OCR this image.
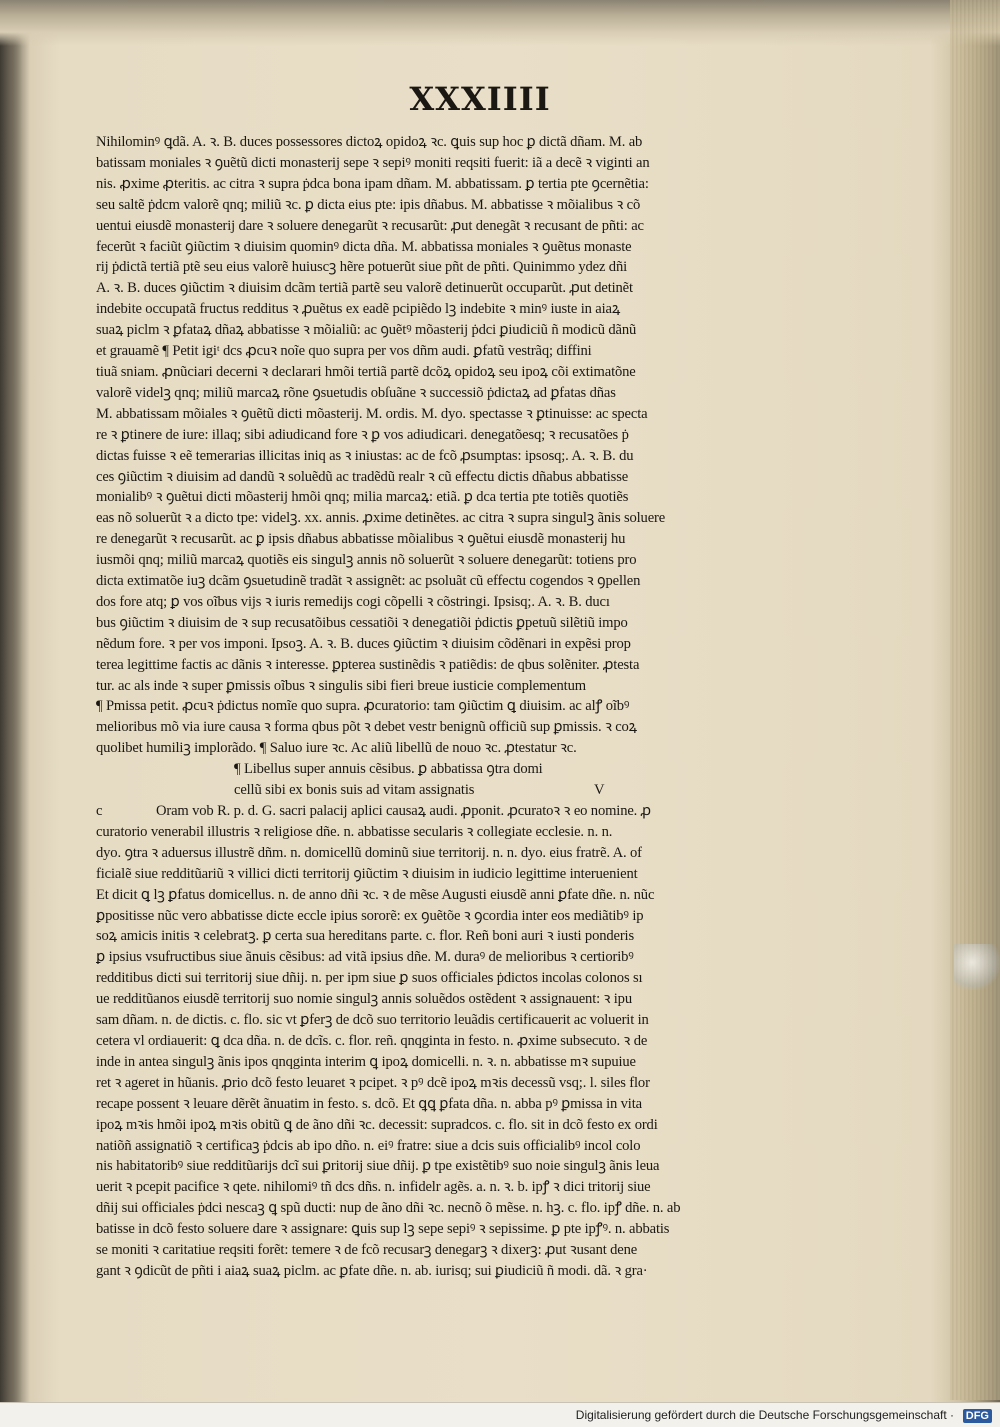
XXXIIII
Nihilominꝰ ꝗdã. A. ꝛ. B. duces possessores dictoꝝ opidoꝝ ꝛc. ꝗuis sup hoc ꝑ dictã dñam. M. ab
batissam moniales ꝛ ꝯuẽtũ dicti monasterij sepe ꝛ sepiꝰ moniti reqsiti fuerit: iã a decẽ ꝛ viginti an
nis. ꝓxime ꝓteritis. ac citra ꝛ supra ṗdca bona ipam dñam. M. abbatissam. ꝑ tertia pte ꝯcernẽtia:
seu saltẽ ṗdcm valorẽ qnq; miliũ ꝛc. ꝑ dicta eius pte: ipis dñabus. M. abbatisse ꝛ mõialibus ꝛ cõ
uentui eiusdẽ monasterij dare ꝛ soluere denegarũt ꝛ recusarũt: ꝓut denegãt ꝛ recusant de pñti: ac
fecerũt ꝛ faciũt ꝯiũctim ꝛ diuisim quominꝰ dicta dña. M. abbatissa moniales ꝛ ꝯuẽtus monaste
rij ṗdictã tertiã ptẽ seu eius valorẽ huiuscꝫ hẽre potuerũt siue pñt de pñti. Quinimmo ydez dñi
A. ꝛ. B. duces ꝯiũctim ꝛ diuisim dcãm tertiã partẽ seu valorẽ detinuerũt occuparũt. ꝓut detinẽt
indebite occupatã fructus redditus ꝛ ꝓuẽtus ex eadẽ pcipiẽdo lꝫ indebite ꝛ minꝰ iuste in aiaꝝ
suaꝝ piclm ꝛ ꝑfataꝝ dñaꝝ abbatisse ꝛ mõialiũ: ac ꝯuẽtꝰ mõasterij ṗdci ꝑiudiciũ ñ modicũ dãnũ
et grauamẽ ¶ Petit igiᵗ dcs ꝓcuꝛ noĩe quo supra per vos dñm audi. ꝑfatũ vestrãq; diffini
tiuã sniam. ꝓnũciari decerni ꝛ declarari hmõi tertiã partẽ dcõꝝ opidoꝝ seu ipoꝝ cõi extimatõne
valorẽ videlꝫ qnq; miliũ marcaꝝ rõne ꝯsuetudis obſuãne ꝛ successiõ ṗdictaꝝ ad ꝑfatas dñas
M. abbatissam mõiales ꝛ ꝯuẽtũ dicti mõasterij. M. ordis. M. dyo. spectasse ꝛ ꝑtinuisse: ac specta
re ꝛ ꝑtinere de iure: illaq; sibi adiudicand fore ꝛ ꝑ vos adiudicari. denegatõesq; ꝛ recusatões ṗ
dictas fuisse ꝛ eẽ temerarias illicitas iniq as ꝛ iniustas: ac de fcõ ꝓsumptas: ipsosq;. A. ꝛ. B. du
ces ꝯiũctim ꝛ diuisim ad dandũ ꝛ soluẽdũ ac tradẽdũ realr ꝛ cũ effectu dictis dñabus abbatisse
monialibꝰ ꝛ ꝯuẽtui dicti mõasterij hmõi qnq; milia marcaꝝ: etiã. ꝑ dca tertia pte totiẽs quotiẽs
eas nõ soluerũt ꝛ a dicto tpe: videlꝫ. xx. annis. ꝓxime detinẽtes. ac citra ꝛ supra singulꝫ ãnis soluere
re denegarũt ꝛ recusarũt. ac ꝑ ipsis dñabus abbatisse mõialibus ꝛ ꝯuẽtui eiusdẽ monasterij hu
iusmõi qnq; miliũ marcaꝝ quotiẽs eis singulꝫ annis nõ soluerũt ꝛ soluere denegarũt: totiens pro
dicta extimatõe iuꝫ dcãm ꝯsuetudinẽ tradãt ꝛ assignẽt: ac psoluãt cũ effectu cogendos ꝛ ꝯpellen
dos fore atq; ꝑ vos oĩbus vijs ꝛ iuris remedijs cogi cõpelli ꝛ cõstringi. Ipsisq;. A. ꝛ. B. ducı
bus ꝯiũctim ꝛ diuisim de ꝛ sup recusatõibus cessatiõi ꝛ denegatiõi ṗdictis ꝑpetuũ silẽtiũ impo
nẽdum fore. ꝛ per vos imponi. Ipsoꝫ. A. ꝛ. B. duces ꝯiũctim ꝛ diuisim cõdẽnari in expẽsi prop
terea legittime factis ac dãnis ꝛ interesse. ꝑpterea sustinẽdis ꝛ patiẽdis: de qbus solẽniter. ꝓtesta
tur. ac als inde ꝛ super ꝑmissis oĩbus ꝛ singulis sibi fieri breue iusticie complementum
¶ Pmissa petit. ꝓcuꝛ ṗdictus nomĩe quo supra. ꝓcuratorio: tam ꝯiũctim ꝗ diuisim. ac alꝭ oĩbꝰ
melioribus mõ via iure causa ꝛ forma qbus põt ꝛ debet vestr benignũ officiũ sup ꝑmissis. ꝛ coꝝ
quolibet humiliꝫ implorãdo. ¶ Saluo iure ꝛc. Ac aliũ libellũ de nouo ꝛc. ꝓtestatur ꝛc.
¶ Libellus super annuis cẽsibus. ꝑ abbatissa ꝯtra domi
cellũ sibi ex bonis suis ad vitam assignatis	V
c	Oram vob R. p. d. G. sacri palacij aplici causaꝝ audi. ꝓponit. ꝓcuratoꝛ ꝛ eo nomine. ꝓ
curatorio venerabil illustris ꝛ religiose dñe. n. abbatisse secularis ꝛ collegiate ecclesie. n. n.
dyo. ꝯtra ꝛ aduersus illustrẽ dñm. n. domicellũ dominũ siue territorij. n. n. dyo. eius fratrẽ. A. of
ficialẽ siue redditũariũ ꝛ villici dicti territorij ꝯiũctim ꝛ diuisim in iudicio legittime interuenient
Et dicit ꝗ lꝫ ꝑfatus domicellus. n. de anno dñi ꝛc. ꝛ de mẽse Augusti eiusdẽ anni ꝑfate dñe. n. nũc
ꝑpositisse nũc vero abbatisse dicte eccle ipius sororẽ: ex ꝯuẽtõe ꝛ ꝯcordia inter eos mediãtibꝰ ip
soꝝ amicis initis ꝛ celebratꝫ. ꝑ certa sua hereditans parte. c. flor. Reñ boni auri ꝛ iusti ponderis
ꝑ ipsius vsufructibus siue ãnuis cẽsibus: ad vitã ipsius dñe. M. duraꝰ de melioribus ꝛ certioribꝰ
redditibus dicti sui territorij siue dñij. n. per ipm siue ꝑ suos officiales ṗdictos incolas colonos sı
ue redditũanos eiusdẽ territorij suo nomie singulꝫ annis soluẽdos ostẽdent ꝛ assignauent: ꝛ ipu
sam dñam. n. de dictis. c. flo. sic vt ꝑferꝫ de dcõ suo territorio leuãdis certificauerit ac voluerit in
cetera vl ordiauerit: ꝗ dca dña. n. de dcĩs. c. flor. reñ. qnqginta in festo. n. ꝓxime subsecuto. ꝛ de
inde in antea singulꝫ ãnis ipos qnqginta interim ꝗ ipoꝝ domicelli. n. ꝛ. n. abbatisse mꝛ supuiue
ret ꝛ ageret in hũanis. ꝓrio dcõ festo leuaret ꝛ pcipet. ꝛ pꝰ dcẽ ipoꝝ mꝛis decessũ vsq;. l. siles flor
recape possent ꝛ leuare dẽrẽt ãnuatim in festo. s. dcõ. Et ꝗꝗ ꝑfata dña. n. abba pꝰ ꝑmissa in vita
ipoꝝ mꝛis hmõi ipoꝝ mꝛis obitũ ꝗ de ãno dñi ꝛc. decessit: supradcos. c. flo. sit in dcõ festo ex ordi
natiõñ assignatiõ ꝛ certificaꝫ ṗdcis ab ipo dño. n. eiꝰ fratre: siue a dcis suis officialibꝰ incol colo
nis habitatoribꝰ siue redditũarijs dcĩ sui ꝑritorij siue dñij. ꝑ tpe existẽtibꝰ suo noie singulꝫ ãnis leua
uerit ꝛ pcepit pacifice ꝛ qete. nihilomiꝰ tñ dcs dñs. n. infidelr agẽs. a. n. ꝛ. b. ipꝭ ꝛ dici tritorij siue
dñij sui officiales ṗdci nescaꝫ ꝗ spũ ducti: nup de ãno dñi ꝛc. necnõ õ mẽse. n. hꝫ. c. flo. ipꝭ dñe. n. ab
batisse in dcõ festo soluere dare ꝛ assignare: ꝗuis sup lꝫ sepe sepiꝰ ꝛ sepissime. ꝑ pte ipꝭꝰ. n. abbatis
se moniti ꝛ caritatiue reqsiti forẽt: temere ꝛ de fcõ recusarꝫ denegarꝫ ꝛ dixerꝫ: ꝓut ꝛusant dene
gant ꝛ ꝯdicũt de pñti i aiaꝝ suaꝝ piclm. ac ꝑfate dñe. n. ab. iurisq; sui ꝑiudiciũ ñ modi. dã. ꝛ gra·
Digitalisierung gefördert durch die Deutsche Forschungsgemeinschaft · DFG
